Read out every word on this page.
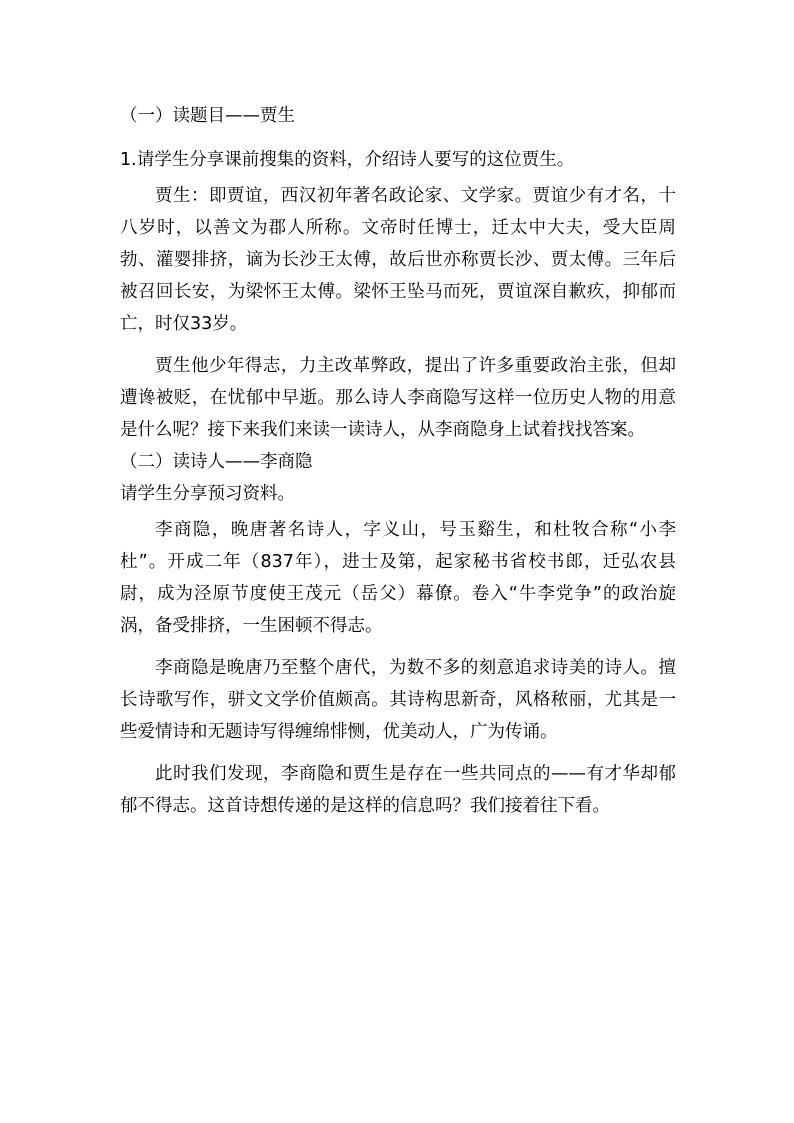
（一）读题目——贾生

1.请学生分享课前搜集的资料，介绍诗人要写的这位贾生。

贾生：即贾谊，西汉初年著名政论家、文学家。贾谊少有才名，十八岁时，以善文为郡人所称。文帝时任博士，迁太中大夫，受大臣周勃、灌婴排挤，谪为长沙王太傅，故后世亦称贾长沙、贾太傅。三年后被召回长安，为梁怀王太傅。梁怀王坠马而死，贾谊深自歉疚，抑郁而亡，时仅33岁。

贾生他少年得志，力主改革弊政，提出了许多重要政治主张，但却遭谗被贬，在忧郁中早逝。那么诗人李商隐写这样一位历史人物的用意是什么呢？接下来我们来读一读诗人，从李商隐身上试着找找答案。

（二）读诗人——李商隐

请学生分享预习资料。

李商隐，晚唐著名诗人，字义山，号玉谿生，和杜牧合称“小李杜”。开成二年（837年），进士及第，起家秘书省校书郎，迁弘农县尉，成为泾原节度使王茂元（岳父）幕僚。卷入“牛李党争”的政治旋涡，备受排挤，一生困顿不得志。

李商隐是晚唐乃至整个唐代，为数不多的刻意追求诗美的诗人。擅长诗歌写作，骈文文学价值颇高。其诗构思新奇，风格秾丽，尤其是一些爱情诗和无题诗写得缠绵悱恻，优美动人，广为传诵。

此时我们发现，李商隐和贾生是存在一些共同点的——有才华却郁郁不得志。这首诗想传递的是这样的信息吗？我们接着往下看。
